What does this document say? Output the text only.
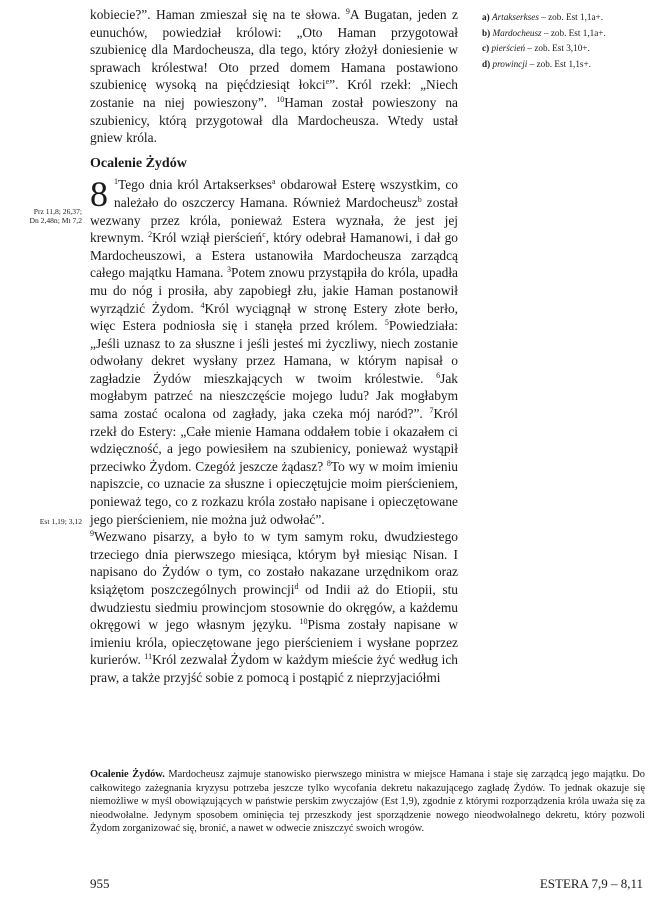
kobiecie?”. Haman zmieszał się na te słowa. $^9$A Bugatan, jeden z eunuchów, powiedział królowi: „Oto Haman przygotował szubienicę dla Mardocheusza, dla tego, który złożył doniesienie w sprawach królestwa! Oto przed domem Hamana postawiono szubienicę wysoką na pięćdziesiąt łokci$^e$”. Król rzekł: „Niech zostanie na niej powieszony”. $^{10}$Haman został powieszony na szubienicy, którą przygotował dla Mardocheusza. Wtedy ustał gniew króla.

Ocalenie Żydów

8 $^1$Tego dnia król Artakserkses$^a$ obdarował Esterę wszystkim, co należało do oszczercy Hamana. Również Mardocheusz$^b$ został wezwany przez króla, ponieważ Estera wyznała, że jest jej krewnym. $^2$Król wziął pierścień$^c$, który odebrał Hamanowi, i dał go Mardocheuszowi, a Estera ustanowiła Mardocheusza zarządcą całego majątku Hamana. $^3$Potem znowu przystąpiła do króla, upadła mu do nóg i prosiła, aby zapobiegł złu, jakie Haman postanowił wyrządzić Żydom. $^4$Król wyciągnął w stronę Estery złote berło, więc Estera podniosła się i stanęła przed królem. $^5$Powiedziała: „Jeśli uznasz to za słuszne i jeśli jesteś mi życzliwy, niech zostanie odwołany dekret wysłany przez Hamana, w którym napisał o zagładzie Żydów mieszkających w twoim królestwie. $^6$Jak mogłabym patrzeć na nieszczęście mojego ludu? Jak mogłabym sama zostać ocalona od zagłady, jaka czeka mój naród?”. $^7$Król rzekł do Estery: „Całe mienie Hamana oddałem tobie i okazałem ci wdzięczność, a jego powiesiłem na szubienicy, ponieważ wystąpił przeciwko Żydom. Czegóż jeszcze żądasz? $^8$To wy w moim imieniu napiszcie, co uznacie za słuszne i opieczętujcie moim pierścieniem, ponieważ tego, co z rozkazu króla zostało napisane i opieczętowane jego pierścieniem, nie można już odwołać”.

$^9$Wezwano pisarzy, a było to w tym samym roku, dwudziestego trzeciego dnia pierwszego miesiąca, którym był miesiąc Nisan. I napisano do Żydów o tym, co zostało nakazane urzędnikom oraz książętom poszczególnych prowincji$^d$ od Indii aż do Etiopii, stu dwudziestu siedmiu prowincjom stosownie do okręgów, a każdemu okręgowi w jego własnym języku. $^{10}$Pisma zostały napisane w imieniu króla, opieczętowane jego pierścieniem i wysłane poprzez kurierów. $^{11}$Król zezwalał Żydom w każdym mieście żyć według ich praw, a także przyjść sobie z pomocą i postąpić z nieprzyjaciółmi

Prz 11,8; 26,37;
Dn 2,48n; Mt 7,2
Est 1,19; 3,12
a) Artakserkses – zob. Est 1,1a+.
b) Mardocheusz – zob. Est 1,1a+.
c) pierścień – zob. Est 3,10+.
d) prowincji – zob. Est 1,1s+.
Ocalenie Żydów. Mardocheusz zajmuje stanowisko pierwszego ministra w miejsce Hamana i staje się zarządcą jego majątku. Do całkowitego zażegnania kryzysu potrzeba jeszcze tylko wycofania dekretu nakazującego zagładę Żydów. To jednak okazuje się niemożliwe w myśl obowiązujących w państwie perskim zwyczajów (Est 1,9), zgodnie z którymi rozporządzenia króla uważa się za nieodwołalne. Jedynym sposobem ominięcia tej przeszkody jest sporządzenie nowego nieodwołalnego dekretu, który pozwoli Żydom zorganizować się, bronić, a nawet w odwecie zniszczyć swoich wrogów.
955	ESTERA 7,9 – 8,11
